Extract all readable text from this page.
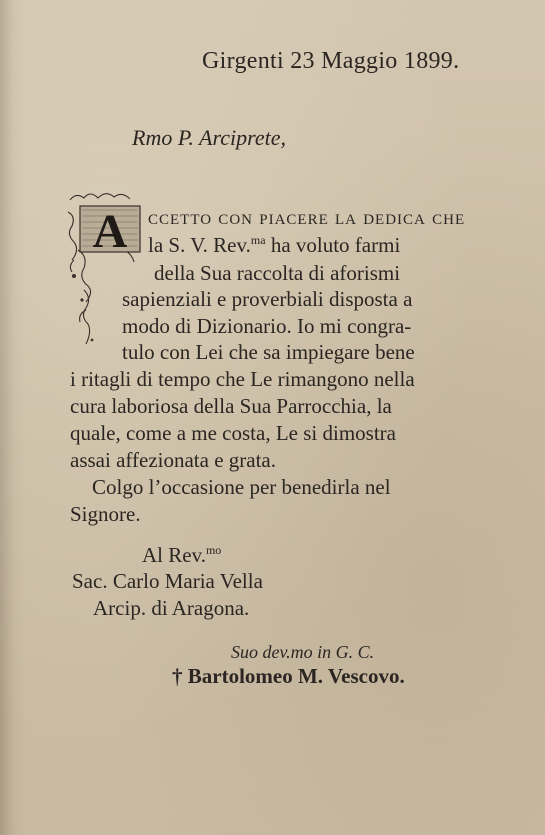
Girgenti 23 Maggio 1899.
Rmo P. Arciprete,
A ccetto con piacere la dedica che
la S. V. Rev.$^{ma}$ ha voluto farmi
della Sua raccolta di aforismi
sapienziali e proverbiali disposta a
modo di Dizionario. Io mi congra-
tulo con Lei che sa impiegare bene
i ritagli di tempo che Le rimangono nella
cura laboriosa della Sua Parrocchia, la
quale, come a me costa, Le si dimostra
assai affezionata e grata.
Colgo l’occasione per benedirla nel
Signore.
Al Rev.$^{mo}$
Sac. Carlo Maria Vella
Arcip. di Aragona.
Suo dev.mo in G. C.
† Bartolomeo M. Vescovo.
